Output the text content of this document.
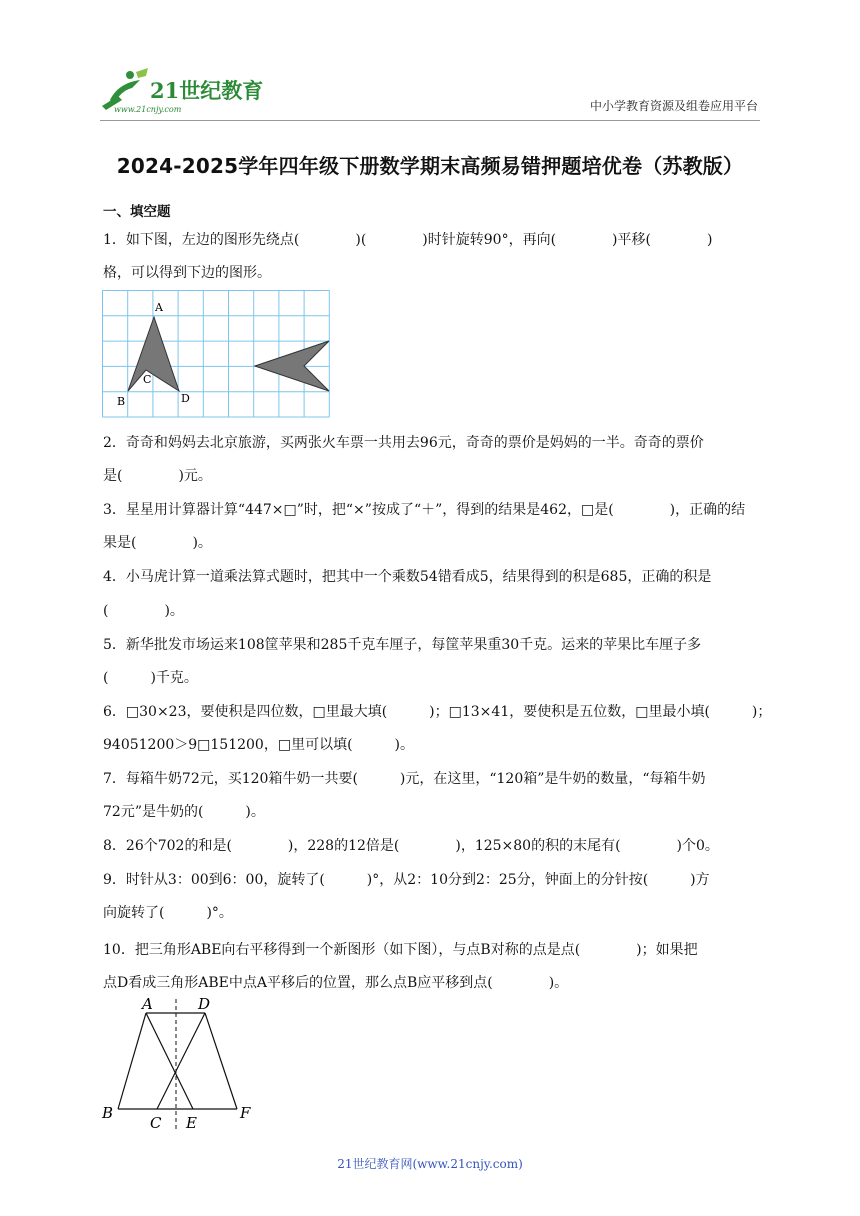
21世纪教育
www.21cnjy.com	中小学教育资源及组卷应用平台
2024-2025学年四年级下册数学期末高频易错押题培优卷（苏教版）
一、填空题
1．如下图，左边的图形先绕点(　　　　)(　　　　)时针旋转90°，再向(　　　　)平移(　　　　)
格，可以得到下边的图形。
A
B
C
D
2．奇奇和妈妈去北京旅游，买两张火车票一共用去96元，奇奇的票价是妈妈的一半。奇奇的票价
是(　　　　)元。
3．星星用计算器计算“447×□”时，把“×”按成了“＋”，得到的结果是462，□是(　　　　)，正确的结
果是(　　　　)。
4．小马虎计算一道乘法算式题时，把其中一个乘数54错看成5，结果得到的积是685，正确的积是
(　　　　)。
5．新华批发市场运来108筐苹果和285千克车厘子，每筐苹果重30千克。运来的苹果比车厘子多
(　　　)千克。
6．□30×23，要使积是四位数，□里最大填(　　　)；□13×41，要使积是五位数，□里最小填(　　　)；
94051200＞9□151200，□里可以填(　　　)。
7．每箱牛奶72元，买120箱牛奶一共要(　　　)元，在这里，“120箱”是牛奶的数量，“每箱牛奶
72元”是牛奶的(　　　)。
8．26个702的和是(　　　　)，228的12倍是(　　　　)，125×80的积的末尾有(　　　　)个0。
9．时针从3：00到6：00，旋转了(　　　)°，从2：10分到2：25分，钟面上的分针按(　　　)方
向旋转了(　　　)°。
10．把三角形ABE向右平移得到一个新图形（如下图），与点B对称的点是点(　　　　)；如果把
点D看成三角形ABE中点A平移后的位置，那么点B应平移到点(　　　　)。
A	D
B
C E
F
21世纪教育网(www.21cnjy.com)
